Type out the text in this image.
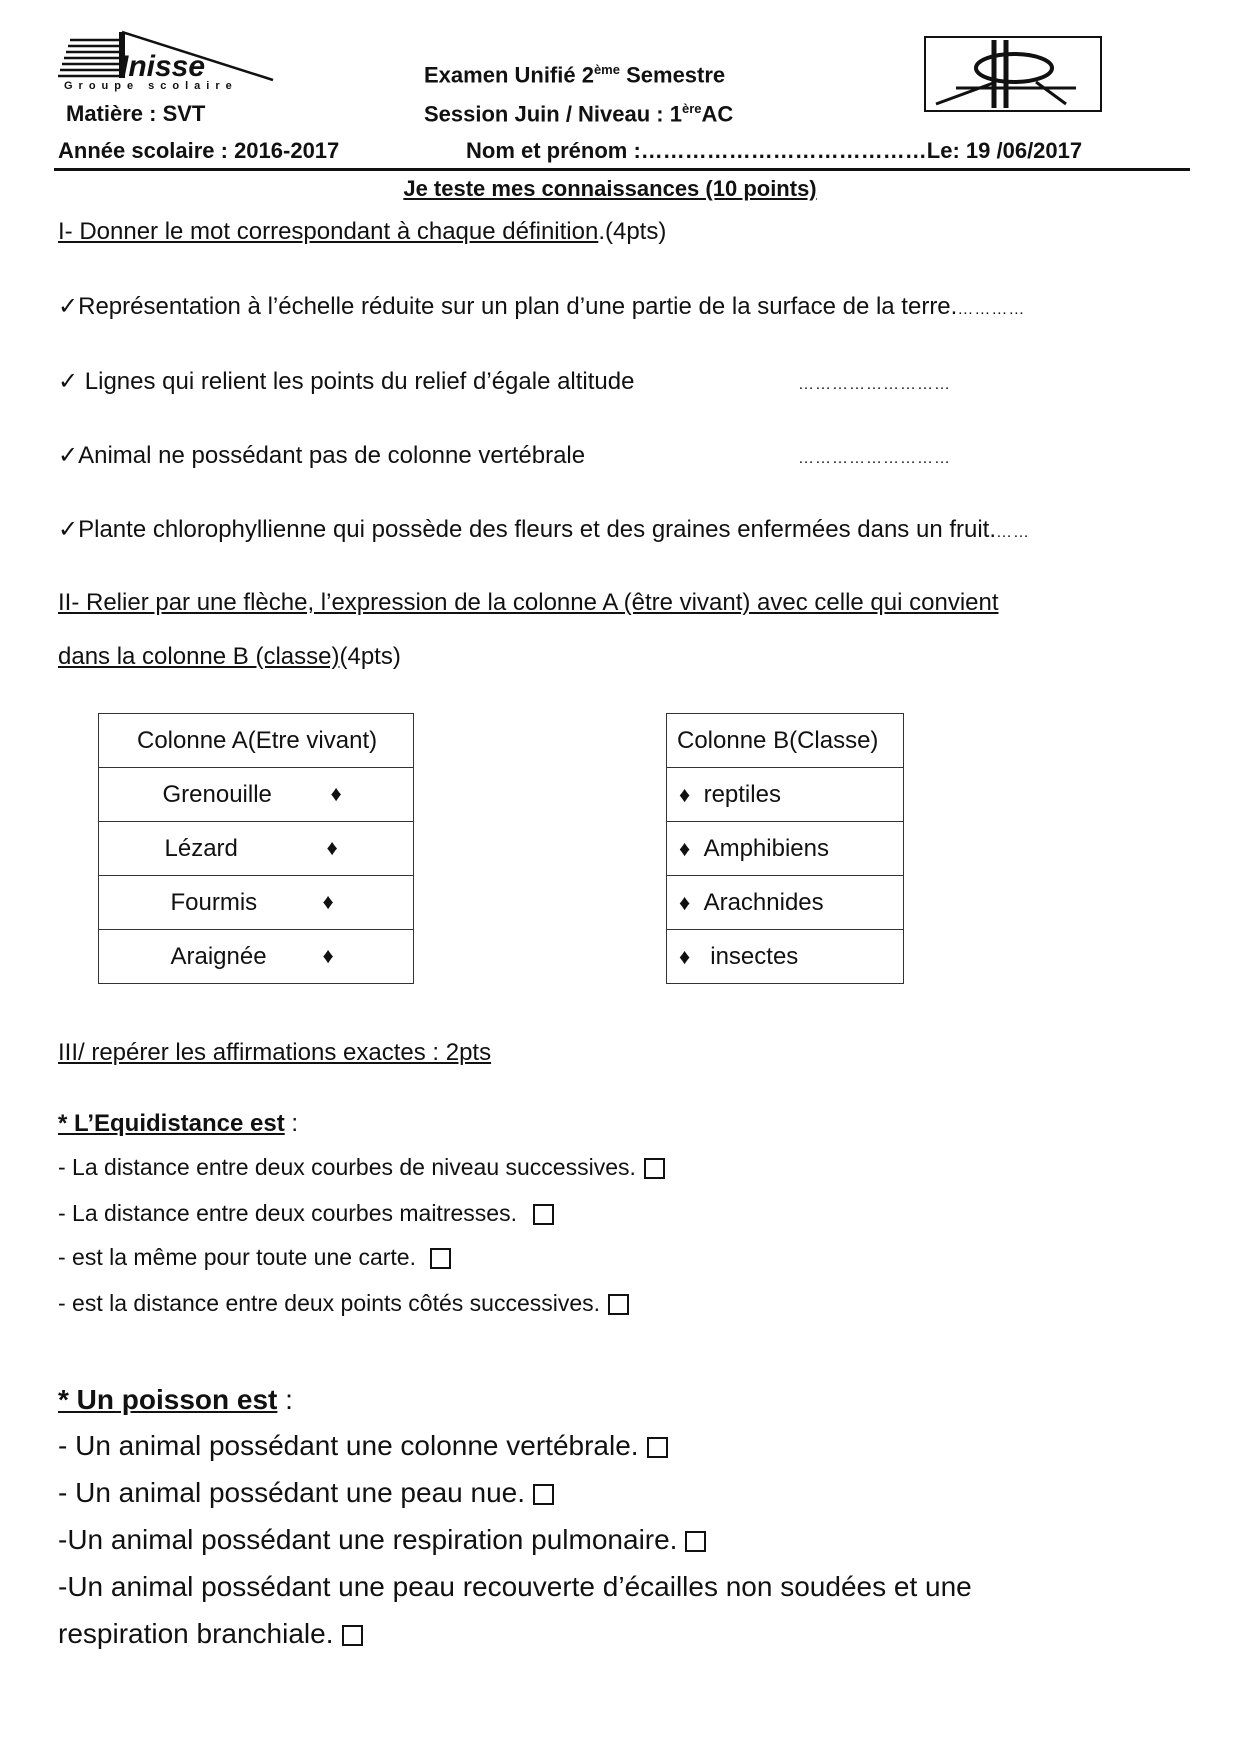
Inisse
Groupe scolaire	Examen Unifié 2ème Semestre
Matière : SVT	Session Juin / Niveau : 1èreAC
Année scolaire : 2016-2017	Nom et prénom :…………………………………Le: 19 /06/2017
Je teste mes connaissances (10 points)
I- Donner le mot correspondant à chaque définition.(4pts)
✓Représentation à l’échelle réduite sur un plan d’une partie de la surface de la terre.…………
✓ Lignes qui relient les points du relief d’égale altitude	………………………
✓Animal ne possédant pas de colonne vertébrale	………………………
✓Plante chlorophyllienne qui possède des fleurs et des graines enfermées dans un fruit.……
II- Relier par une flèche, l’expression de la colonne A (être vivant) avec celle qui convient
dans la colonne B (classe)(4pts)
Colonne A(Etre vivant)

Grenouille	♦

Lézard	♦

Fourmis	♦

Araignée	♦
Colonne B(Classe)
♦ reptiles
♦ Amphibiens
♦ Arachnides
♦ insectes
III/ repérer les affirmations exactes : 2pts
* L’Equidistance est :
- La distance entre deux courbes de niveau successives.
- La distance entre deux courbes maitresses.
- est la même pour toute une carte.
- est la distance entre deux points côtés successives.
* Un poisson est :
- Un animal possédant une colonne vertébrale.
- Un animal possédant une peau nue.
-Un animal possédant une respiration pulmonaire.
-Un animal possédant une peau recouverte d’écailles non soudées et une
respiration branchiale.
